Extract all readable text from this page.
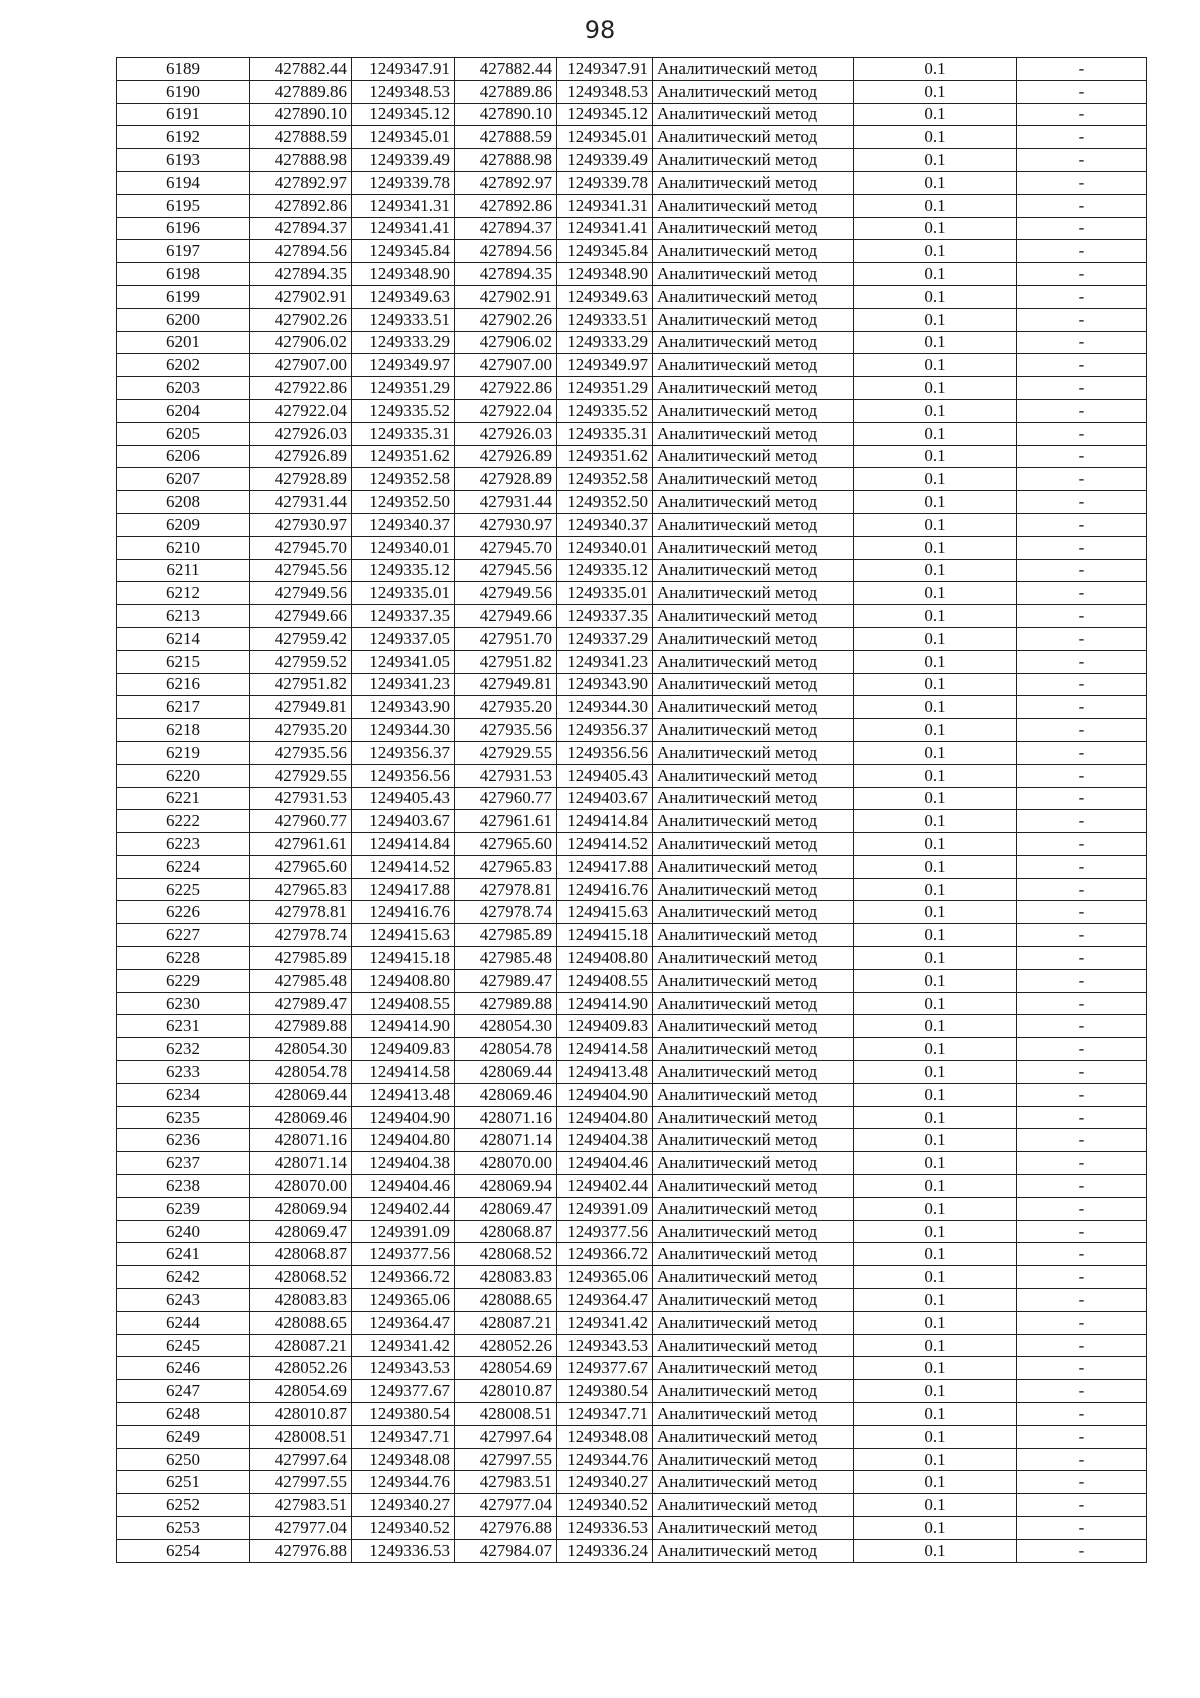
98
6189	427882.44	1249347.91	427882.44	1249347.91	Аналитический метод	0.1	-
6190	427889.86	1249348.53	427889.86	1249348.53	Аналитический метод	0.1	-
6191	427890.10	1249345.12	427890.10	1249345.12	Аналитический метод	0.1	-
6192	427888.59	1249345.01	427888.59	1249345.01	Аналитический метод	0.1	-
6193	427888.98	1249339.49	427888.98	1249339.49	Аналитический метод	0.1	-
6194	427892.97	1249339.78	427892.97	1249339.78	Аналитический метод	0.1	-
6195	427892.86	1249341.31	427892.86	1249341.31	Аналитический метод	0.1	-
6196	427894.37	1249341.41	427894.37	1249341.41	Аналитический метод	0.1	-
6197	427894.56	1249345.84	427894.56	1249345.84	Аналитический метод	0.1	-
6198	427894.35	1249348.90	427894.35	1249348.90	Аналитический метод	0.1	-
6199	427902.91	1249349.63	427902.91	1249349.63	Аналитический метод	0.1	-
6200	427902.26	1249333.51	427902.26	1249333.51	Аналитический метод	0.1	-
6201	427906.02	1249333.29	427906.02	1249333.29	Аналитический метод	0.1	-
6202	427907.00	1249349.97	427907.00	1249349.97	Аналитический метод	0.1	-
6203	427922.86	1249351.29	427922.86	1249351.29	Аналитический метод	0.1	-
6204	427922.04	1249335.52	427922.04	1249335.52	Аналитический метод	0.1	-
6205	427926.03	1249335.31	427926.03	1249335.31	Аналитический метод	0.1	-
6206	427926.89	1249351.62	427926.89	1249351.62	Аналитический метод	0.1	-
6207	427928.89	1249352.58	427928.89	1249352.58	Аналитический метод	0.1	-
6208	427931.44	1249352.50	427931.44	1249352.50	Аналитический метод	0.1	-
6209	427930.97	1249340.37	427930.97	1249340.37	Аналитический метод	0.1	-
6210	427945.70	1249340.01	427945.70	1249340.01	Аналитический метод	0.1	-
6211	427945.56	1249335.12	427945.56	1249335.12	Аналитический метод	0.1	-
6212	427949.56	1249335.01	427949.56	1249335.01	Аналитический метод	0.1	-
6213	427949.66	1249337.35	427949.66	1249337.35	Аналитический метод	0.1	-
6214	427959.42	1249337.05	427951.70	1249337.29	Аналитический метод	0.1	-
6215	427959.52	1249341.05	427951.82	1249341.23	Аналитический метод	0.1	-
6216	427951.82	1249341.23	427949.81	1249343.90	Аналитический метод	0.1	-
6217	427949.81	1249343.90	427935.20	1249344.30	Аналитический метод	0.1	-
6218	427935.20	1249344.30	427935.56	1249356.37	Аналитический метод	0.1	-
6219	427935.56	1249356.37	427929.55	1249356.56	Аналитический метод	0.1	-
6220	427929.55	1249356.56	427931.53	1249405.43	Аналитический метод	0.1	-
6221	427931.53	1249405.43	427960.77	1249403.67	Аналитический метод	0.1	-
6222	427960.77	1249403.67	427961.61	1249414.84	Аналитический метод	0.1	-
6223	427961.61	1249414.84	427965.60	1249414.52	Аналитический метод	0.1	-
6224	427965.60	1249414.52	427965.83	1249417.88	Аналитический метод	0.1	-
6225	427965.83	1249417.88	427978.81	1249416.76	Аналитический метод	0.1	-
6226	427978.81	1249416.76	427978.74	1249415.63	Аналитический метод	0.1	-
6227	427978.74	1249415.63	427985.89	1249415.18	Аналитический метод	0.1	-
6228	427985.89	1249415.18	427985.48	1249408.80	Аналитический метод	0.1	-
6229	427985.48	1249408.80	427989.47	1249408.55	Аналитический метод	0.1	-
6230	427989.47	1249408.55	427989.88	1249414.90	Аналитический метод	0.1	-
6231	427989.88	1249414.90	428054.30	1249409.83	Аналитический метод	0.1	-
6232	428054.30	1249409.83	428054.78	1249414.58	Аналитический метод	0.1	-
6233	428054.78	1249414.58	428069.44	1249413.48	Аналитический метод	0.1	-
6234	428069.44	1249413.48	428069.46	1249404.90	Аналитический метод	0.1	-
6235	428069.46	1249404.90	428071.16	1249404.80	Аналитический метод	0.1	-
6236	428071.16	1249404.80	428071.14	1249404.38	Аналитический метод	0.1	-
6237	428071.14	1249404.38	428070.00	1249404.46	Аналитический метод	0.1	-
6238	428070.00	1249404.46	428069.94	1249402.44	Аналитический метод	0.1	-
6239	428069.94	1249402.44	428069.47	1249391.09	Аналитический метод	0.1	-
6240	428069.47	1249391.09	428068.87	1249377.56	Аналитический метод	0.1	-
6241	428068.87	1249377.56	428068.52	1249366.72	Аналитический метод	0.1	-
6242	428068.52	1249366.72	428083.83	1249365.06	Аналитический метод	0.1	-
6243	428083.83	1249365.06	428088.65	1249364.47	Аналитический метод	0.1	-
6244	428088.65	1249364.47	428087.21	1249341.42	Аналитический метод	0.1	-
6245	428087.21	1249341.42	428052.26	1249343.53	Аналитический метод	0.1	-
6246	428052.26	1249343.53	428054.69	1249377.67	Аналитический метод	0.1	-
6247	428054.69	1249377.67	428010.87	1249380.54	Аналитический метод	0.1	-
6248	428010.87	1249380.54	428008.51	1249347.71	Аналитический метод	0.1	-
6249	428008.51	1249347.71	427997.64	1249348.08	Аналитический метод	0.1	-
6250	427997.64	1249348.08	427997.55	1249344.76	Аналитический метод	0.1	-
6251	427997.55	1249344.76	427983.51	1249340.27	Аналитический метод	0.1	-
6252	427983.51	1249340.27	427977.04	1249340.52	Аналитический метод	0.1	-
6253	427977.04	1249340.52	427976.88	1249336.53	Аналитический метод	0.1	-
6254	427976.88	1249336.53	427984.07	1249336.24	Аналитический метод	0.1	-
